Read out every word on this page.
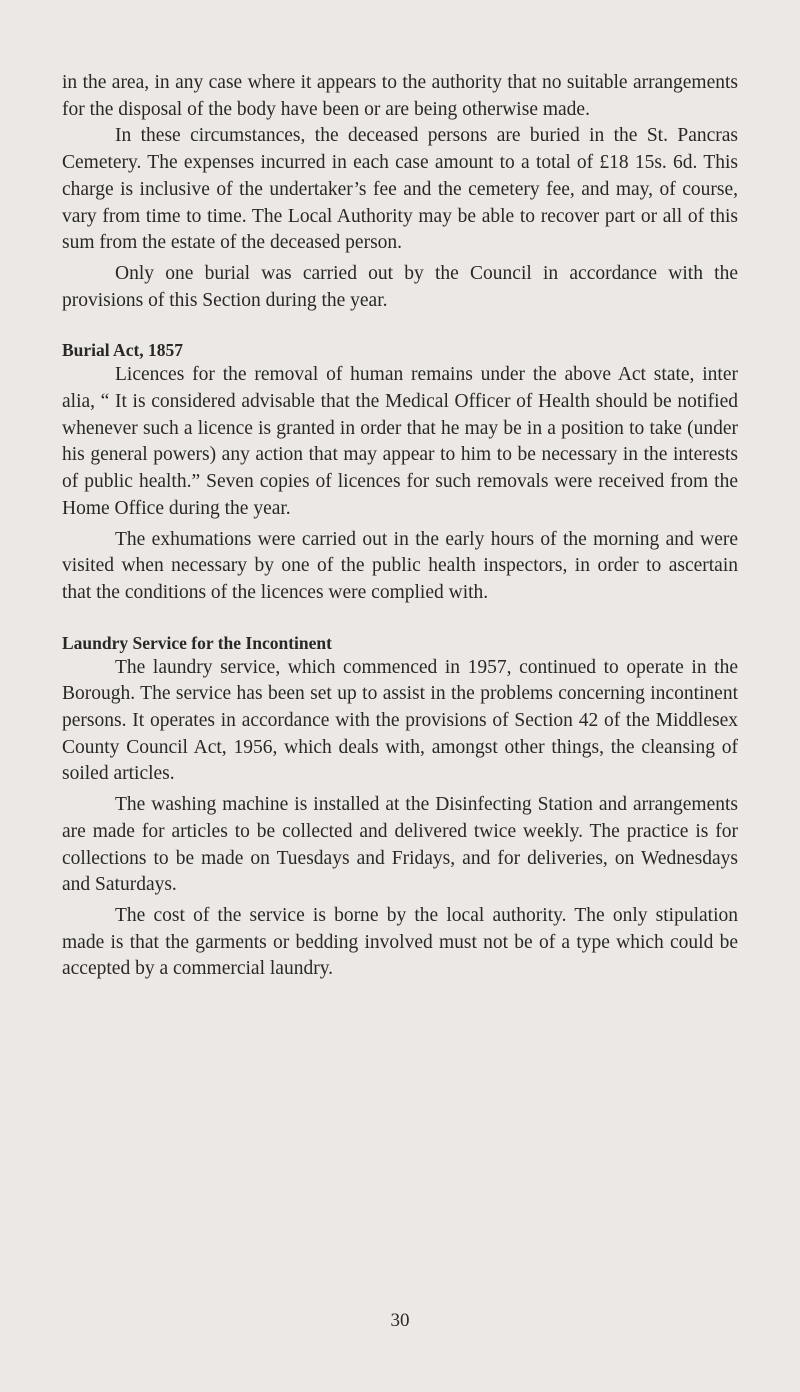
in the area, in any case where it appears to the authority that no suitable arrangements for the disposal of the body have been or are being otherwise made.

In these circumstances, the deceased persons are buried in the St. Pancras Cemetery. The expenses incurred in each case amount to a total of £18 15s. 6d. This charge is inclusive of the undertaker’s fee and the cemetery fee, and may, of course, vary from time to time. The Local Authority may be able to recover part or all of this sum from the estate of the deceased person.

Only one burial was carried out by the Council in accordance with the provisions of this Section during the year.

Burial Act, 1857

Licences for the removal of human remains under the above Act state, inter alia, “ It is considered advisable that the Medical Officer of Health should be notified whenever such a licence is granted in order that he may be in a position to take (under his general powers) any action that may appear to him to be necessary in the interests of public health.” Seven copies of licences for such removals were received from the Home Office during the year.

The exhumations were carried out in the early hours of the morning and were visited when necessary by one of the public health inspectors, in order to ascertain that the conditions of the licences were complied with.

Laundry Service for the Incontinent

The laundry service, which commenced in 1957, continued to operate in the Borough. The service has been set up to assist in the problems concerning incontinent persons. It operates in accordance with the provisions of Section 42 of the Middlesex County Council Act, 1956, which deals with, amongst other things, the cleansing of soiled articles.

The washing machine is installed at the Disinfecting Station and arrangements are made for articles to be collected and delivered twice weekly. The practice is for collections to be made on Tuesdays and Fridays, and for deliveries, on Wednesdays and Saturdays.

The cost of the service is borne by the local authority. The only stipulation made is that the garments or bedding involved must not be of a type which could be accepted by a commercial laundry.

30
